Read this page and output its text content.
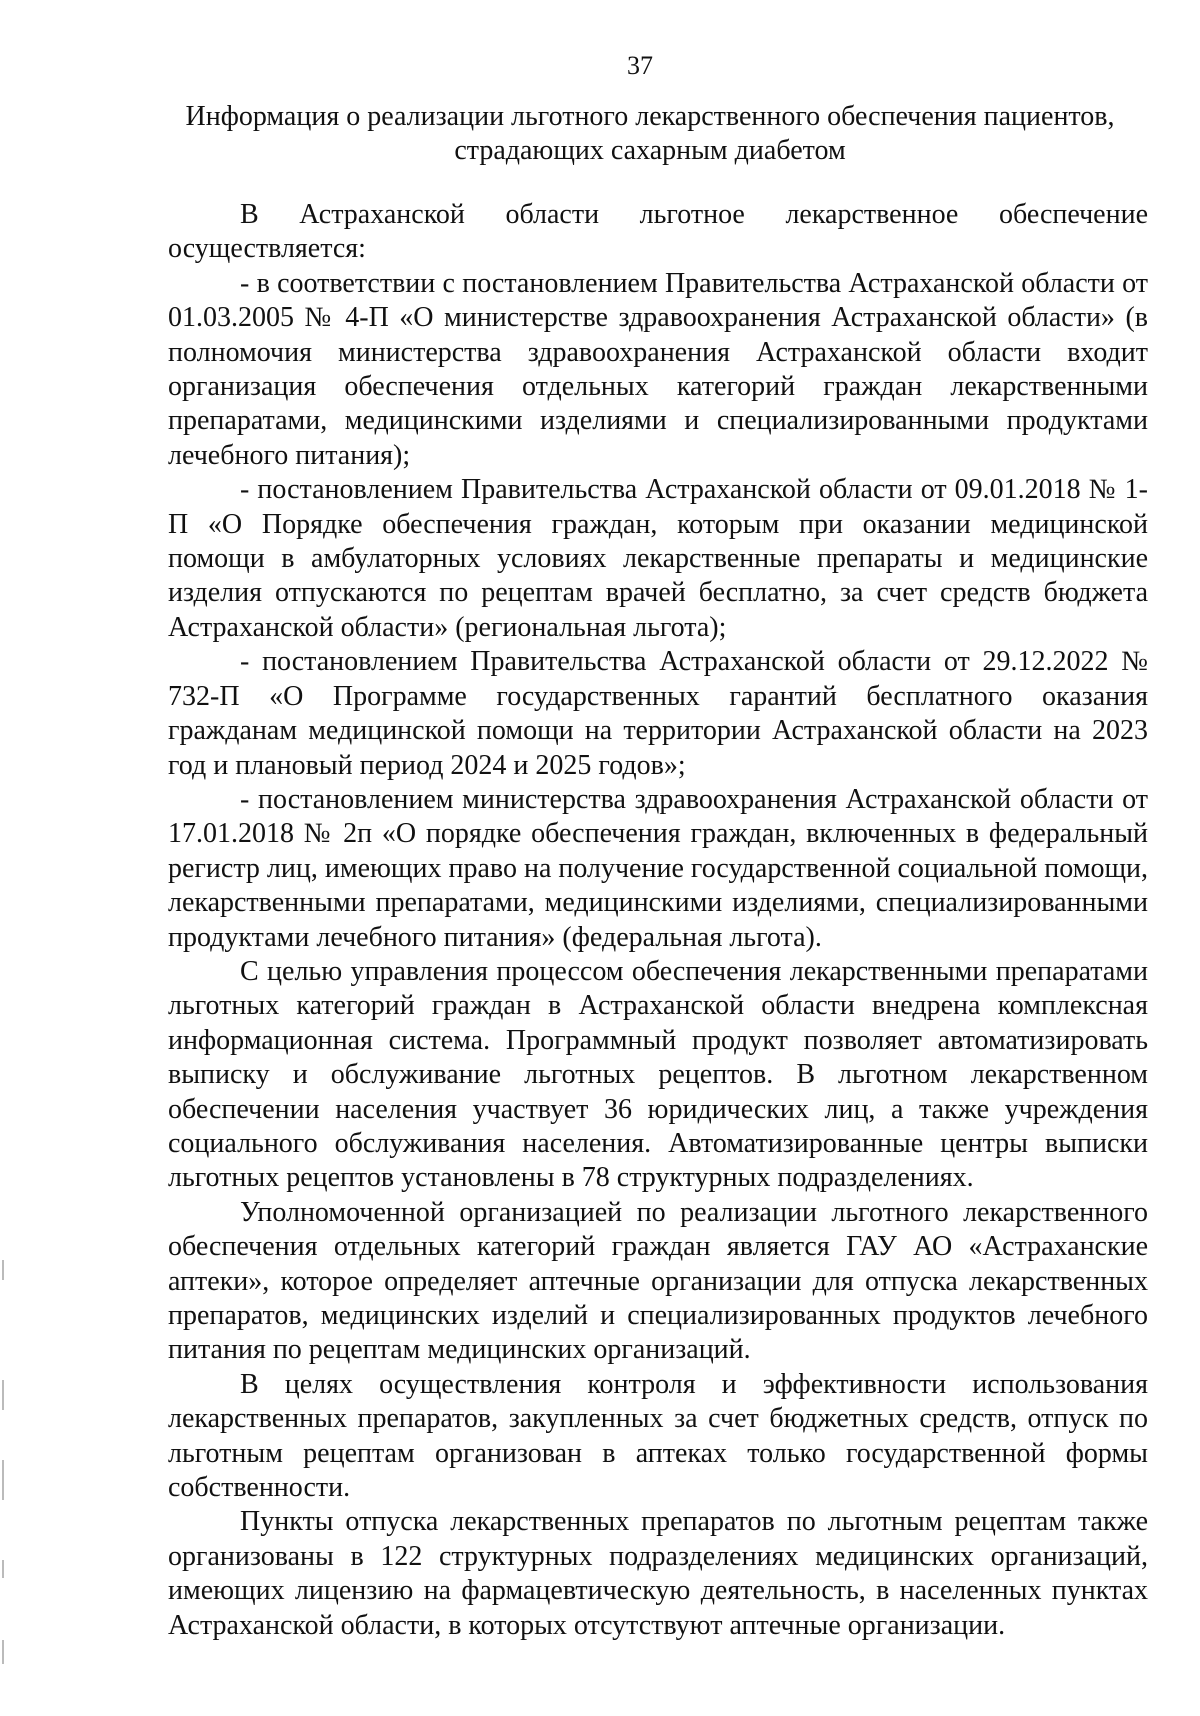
37
Информация о реализации льготного лекарственного обеспечения пациентов,
страдающих сахарным диабетом

В Астраханской области льготное лекарственное обеспечение осуществляется:

- в соответствии с постановлением Правительства Астраханской области от 01.03.2005 № 4-П «О министерстве здравоохранения Астраханской области» (в полномочия министерства здравоохранения Астраханской области входит организация обеспечения отдельных категорий граждан лекарственными препаратами, медицинскими изделиями и специализированными продуктами лечебного питания);

- постановлением Правительства Астраханской области от 09.01.2018 № 1-П «О Порядке обеспечения граждан, которым при оказании медицинской помощи в амбулаторных условиях лекарственные препараты и медицинские изделия отпускаются по рецептам врачей бесплатно, за счет средств бюджета Астраханской области» (региональная льгота);

- постановлением Правительства Астраханской области от 29.12.2022 № 732-П «О Программе государственных гарантий бесплатного оказания гражданам медицинской помощи на территории Астраханской области на 2023 год и плановый период 2024 и 2025 годов»;

- постановлением министерства здравоохранения Астраханской области от 17.01.2018 № 2п «О порядке обеспечения граждан, включенных в федеральный регистр лиц, имеющих право на получение государственной социальной помощи, лекарственными препаратами, медицинскими изделиями, специализированными продуктами лечебного питания» (федеральная льгота).

С целью управления процессом обеспечения лекарственными препаратами льготных категорий граждан в Астраханской области внедрена комплексная информационная система. Программный продукт позволяет автоматизировать выписку и обслуживание льготных рецептов. В льготном лекарственном обеспечении населения участвует 36 юридических лиц, а также учреждения социального обслуживания населения. Автоматизированные центры выписки льготных рецептов установлены в 78 структурных подразделениях.

Уполномоченной организацией по реализации льготного лекарственного обеспечения отдельных категорий граждан является ГАУ АО «Астраханские аптеки», которое определяет аптечные организации для отпуска лекарственных препаратов, медицинских изделий и специализированных продуктов лечебного питания по рецептам медицинских организаций.

В целях осуществления контроля и эффективности использования лекарственных препаратов, закупленных за счет бюджетных средств, отпуск по льготным рецептам организован в аптеках только государственной формы собственности.

Пункты отпуска лекарственных препаратов по льготным рецептам также организованы в 122 структурных подразделениях медицинских организаций, имеющих лицензию на фармацевтическую деятельность, в населенных пунктах Астраханской области, в которых отсутствуют аптечные организации.
